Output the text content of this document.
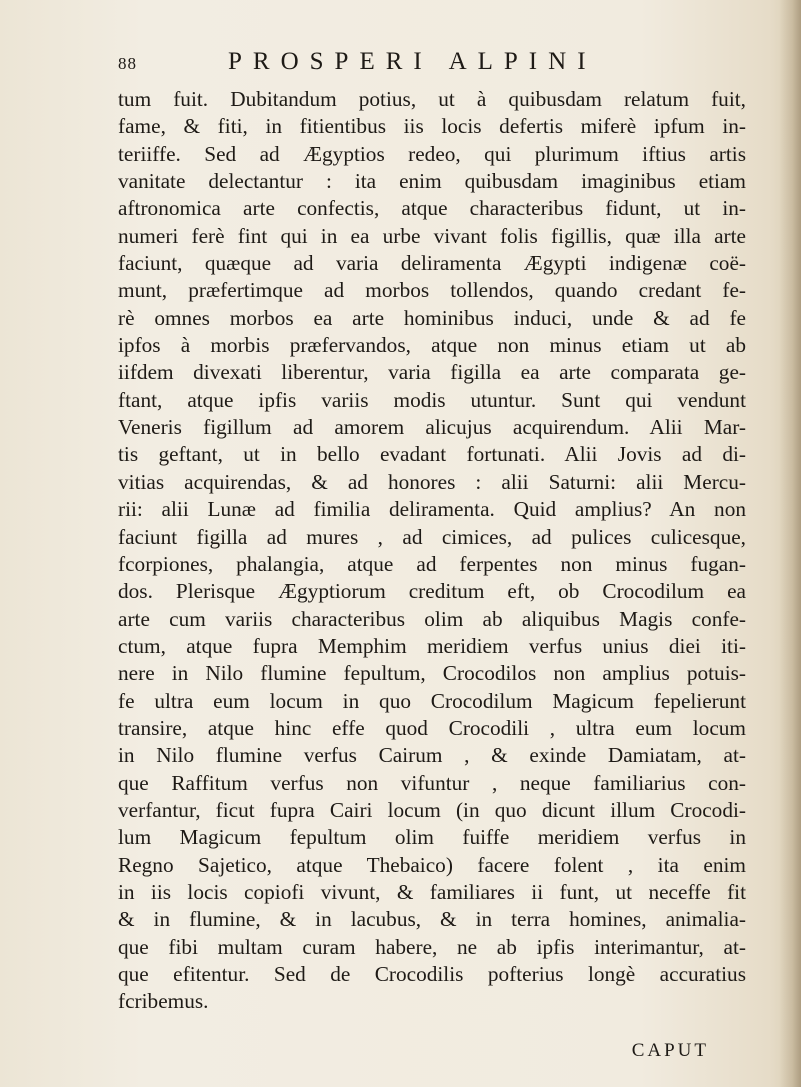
88	PROSPERI ALPINI
tum fuit. Dubitandum potius, ut à quibusdam relatum fuit,
fame, & fiti, in fitientibus iis locis defertis miferè ipfum in-
teriiffe. Sed ad Ægyptios redeo, qui plurimum iftius artis
vanitate delectantur : ita enim quibusdam imaginibus etiam
aftronomica arte confectis, atque characteribus fidunt, ut in-
numeri ferè fint qui in ea urbe vivant folis figillis, quæ illa arte
faciunt, quæque ad varia deliramenta Ægypti indigenæ coë-
munt, præfertimque ad morbos tollendos, quando credant fe-
rè omnes morbos ea arte hominibus induci, unde & ad fe
ipfos à morbis præfervandos, atque non minus etiam ut ab
iifdem divexati liberentur, varia figilla ea arte comparata ge-
ftant, atque ipfis variis modis utuntur. Sunt qui vendunt
Veneris figillum ad amorem alicujus acquirendum. Alii Mar-
tis geftant, ut in bello evadant fortunati. Alii Jovis ad di-
vitias acquirendas, & ad honores : alii Saturni: alii Mercu-
rii: alii Lunæ ad fimilia deliramenta. Quid amplius? An non
faciunt figilla ad mures , ad cimices, ad pulices culicesque,
fcorpiones, phalangia, atque ad ferpentes non minus fugan-
dos. Plerisque Ægyptiorum creditum eft, ob Crocodilum ea
arte cum variis characteribus olim ab aliquibus Magis confe-
ctum, atque fupra Memphim meridiem verfus unius diei iti-
nere in Nilo flumine fepultum, Crocodilos non amplius potuis-
fe ultra eum locum in quo Crocodilum Magicum fepelierunt
transire, atque hinc effe quod Crocodili , ultra eum locum
in Nilo flumine verfus Cairum , & exinde Damiatam, at-
que Raffitum verfus non vifuntur , neque familiarius con-
verfantur, ficut fupra Cairi locum (in quo dicunt illum Crocodi-
lum Magicum fepultum olim fuiffe meridiem verfus in
Regno Sajetico, atque Thebaico) facere folent , ita enim
in iis locis copiofi vivunt, & familiares ii funt, ut neceffe fit
& in flumine, & in lacubus, & in terra homines, animalia-
que fibi multam curam habere, ne ab ipfis interimantur, at-
que efitentur. Sed de Crocodilis pofterius longè accuratius
fcribemus.
CAPUT
